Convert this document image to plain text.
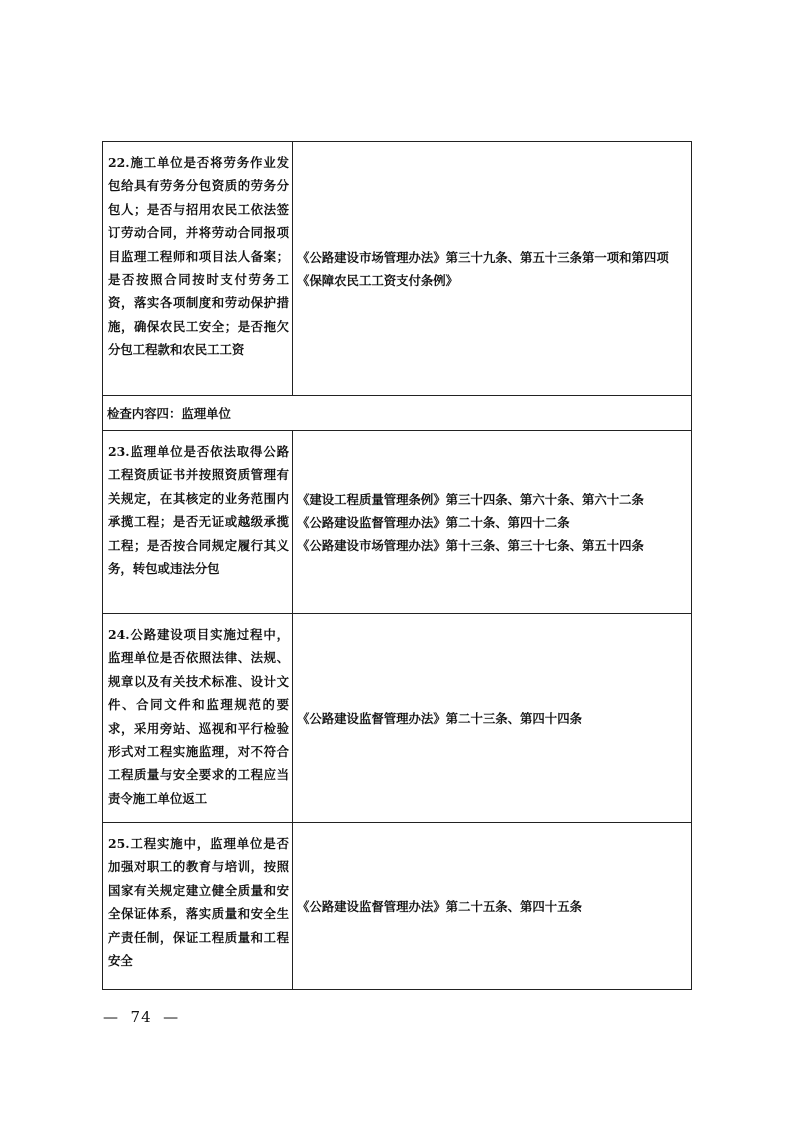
22.施工单位是否将劳务作业发包给具有劳务分包资质的劳务分包人；是否与招用农民工依法签订劳动合同，并将劳动合同报项目监理工程师和项目法人备案；是否按照合同按时支付劳务工资，落实各项制度和劳动保护措施，确保农民工安全；是否拖欠分包工程款和农民工工资
《公路建设市场管理办法》第三十九条、第五十三条第一项和第四项
《保障农民工工资支付条例》
检查内容四：监理单位
23.监理单位是否依法取得公路工程资质证书并按照资质管理有关规定，在其核定的业务范围内承揽工程；是否无证或越级承揽工程；是否按合同规定履行其义务，转包或违法分包
《建设工程质量管理条例》第三十四条、第六十条、第六十二条
《公路建设监督管理办法》第二十条、第四十二条
《公路建设市场管理办法》第十三条、第三十七条、第五十四条
24.公路建设项目实施过程中，监理单位是否依照法律、法规、规章以及有关技术标准、设计文件、合同文件和监理规范的要求，采用旁站、巡视和平行检验形式对工程实施监理，对不符合工程质量与安全要求的工程应当责令施工单位返工
《公路建设监督管理办法》第二十三条、第四十四条
25.工程实施中，监理单位是否加强对职工的教育与培训，按照国家有关规定建立健全质量和安全保证体系，落实质量和安全生产责任制，保证工程质量和工程安全
《公路建设监督管理办法》第二十五条、第四十五条
—  74  —
